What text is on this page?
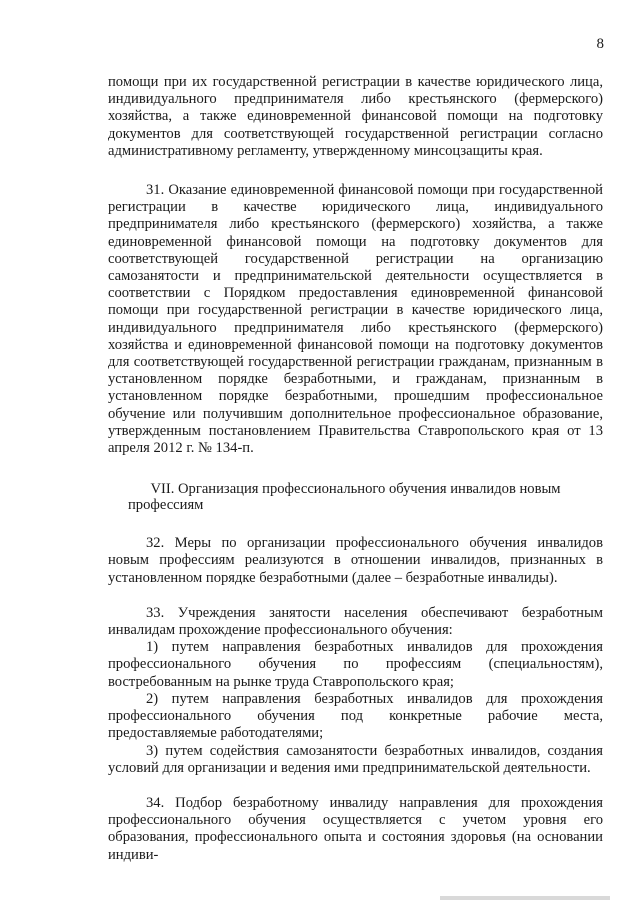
8

помощи при их государственной регистрации в качестве юридического лица, индивидуального предпринимателя либо крестьянского (фермерского) хозяйства, а также единовременной финансовой помощи на подготовку документов для соответствующей государственной регистрации согласно административному регламенту, утвержденному минсоцзащиты края.

31. Оказание единовременной финансовой помощи при государственной регистрации в качестве юридического лица, индивидуального предпринимателя либо крестьянского (фермерского) хозяйства, а также единовременной финансовой помощи на подготовку документов для соответствующей государственной регистрации на организацию самозанятости и предпринимательской деятельности осуществляется в соответствии с Порядком предоставления единовременной финансовой помощи при государственной регистрации в качестве юридического лица, индивидуального предпринимателя либо крестьянского (фермерского) хозяйства и единовременной финансовой помощи на подготовку документов для соответствующей государственной регистрации гражданам, признанным в установленном порядке безработными, и гражданам, признанным в установленном порядке безработными, прошедшим профессиональное обучение или получившим дополнительное профессиональное образование, утвержденным постановлением Правительства Ставропольского края от 13 апреля 2012 г. № 134-п.

VII. Организация профессионального обучения инвалидов новым профессиям

32. Меры по организации профессионального обучения инвалидов новым профессиям реализуются в отношении инвалидов, признанных в установленном порядке безработными (далее – безработные инвалиды).

33. Учреждения занятости населения обеспечивают безработным инвалидам прохождение профессионального обучения:

1) путем направления безработных инвалидов для прохождения профессионального обучения по профессиям (специальностям), востребованным на рынке труда Ставропольского края;

2) путем направления безработных инвалидов для прохождения профессионального обучения под конкретные рабочие места, предоставляемые работодателями;

3) путем содействия самозанятости безработных инвалидов, создания условий для организации и ведения ими предпринимательской деятельности.

34. Подбор безработному инвалиду направления для прохождения профессионального обучения осуществляется с учетом уровня его образования, профессионального опыта и состояния здоровья (на основании индиви-
